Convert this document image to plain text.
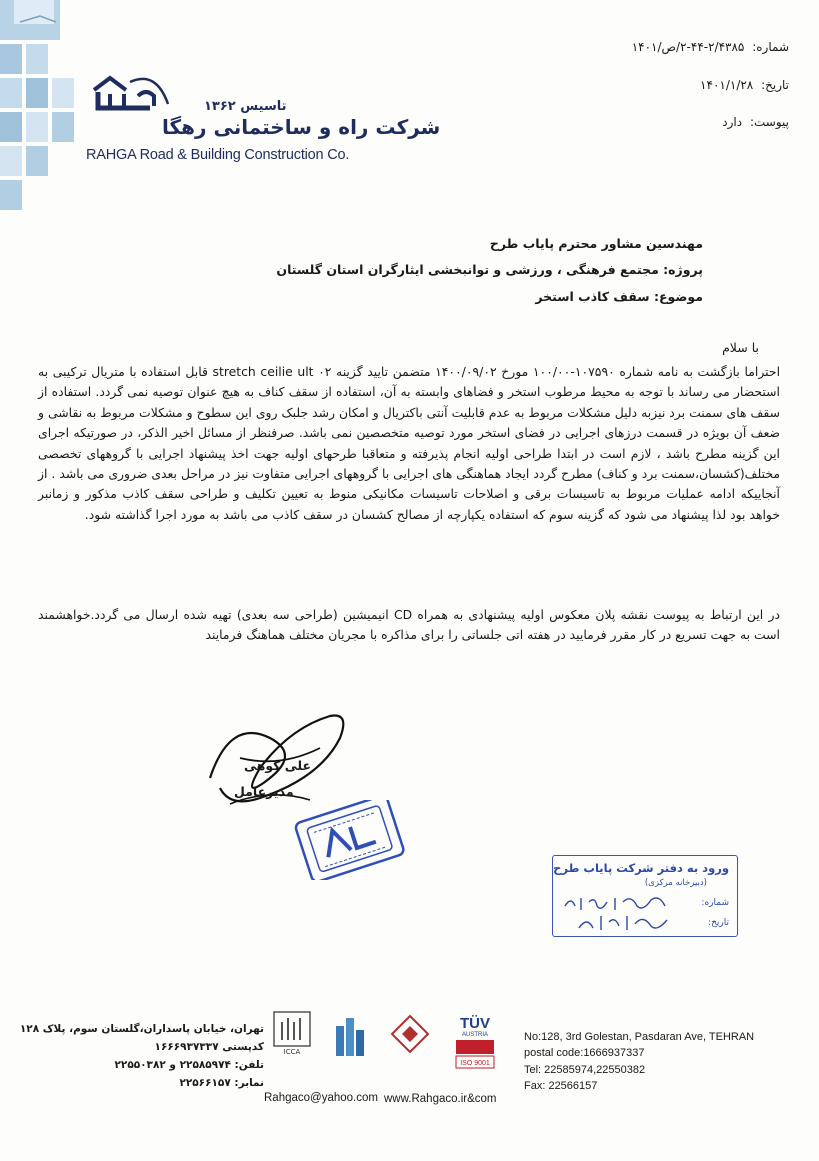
تاسیس ۱۳۶۲
شرکت راه و ساختمانی رهگا
RAHGA Road & Building Construction Co.
شماره: ۲/۴۳۸۵-۴۴-۲/ص/۱۴۰۱
تاریخ: ۱۴۰۱/۱/۲۸
پیوست: دارد
مهندسین مشاور محترم پایاب طرح
پروژه: مجتمع فرهنگی ، ورزشی و توانبخشی ایثارگران استان گلستان
موضوع: سقف کاذب استخر
با سلام
احتراما بازگشت به نامه شماره ۱۰۷۵۹۰-۱۰۰/۰۰ مورخ ۱۴۰۰/۰۹/۰۲ متضمن تایید گزینه ۰۲ stretch ceilie ult قابل استفاده با متریال ترکیبی به استحضار می رساند با توجه به محیط مرطوب استخر و فضاهای وابسته به آن، استفاده از سقف کناف به هیچ عنوان توصیه نمی گردد. استفاده از سقف های سمنت برد نیزبه دلیل مشکلات مربوط به عدم قابلیت آنتی باکتریال و امکان رشد جلبک روی این سطوح و مشکلات مربوط به نقاشی و ضعف آن بویژه در قسمت درزهای اجرایی در فضای استخر مورد توصیه متخصصین نمی باشد. صرفنظر از مسائل اخیر الذکر، در صورتیکه اجرای این گزینه مطرح باشد ، لازم است در ابتدا طراحی اولیه انجام پذیرفته و متعاقبا طرحهای اولیه جهت اخذ پیشنهاد اجرایی با گروههای تخصصی مختلف(کشسان،سمنت برد و کناف) مطرح گردد ایجاد هماهنگی های اجرایی با گروههای اجرایی متفاوت نیز در مراحل بعدی ضروری می باشد . از آنجاییکه ادامه عملیات مربوط به تاسیسات برقی و اصلاحات تاسیسات مکانیکی منوط به تعیین تکلیف و طراحی سقف کاذب مذکور و زمانبر خواهد بود لذا پیشنهاد می شود که گزینه سوم که استفاده یکپارچه از مصالح کشسان در سقف کاذب می باشد به مورد اجرا گذاشته شود.
در این ارتباط به پیوست نقشه پلان معکوس اولیه پیشنهادی به همراه CD انیمیشین (طراحی سه بعدی) تهیه شده ارسال می گردد.خواهشمند است به جهت تسریع در کار مقرر فرمایید در هفته اتی جلساتی را برای مذاکره با مجریان مختلف هماهنگ فرمایند
علی کوهی
مدیرعامل
ورود به دفتر شرکت پایاب طرح
(دبیرخانه مرکزی)
شماره:
تاریخ:
تهران، خیابان پاسداران،گلستان سوم، پلاک ۱۲۸
کدپستی ۱۶۶۶۹۳۷۳۳۷
تلفن: ۲۲۵۸۵۹۷۴ و ۲۲۵۵۰۳۸۲
نمابر: ۲۲۵۶۶۱۵۷
ICCA
TÜV
AUSTRIA
ISO 9001
Rahgaco@yahoo.com www.Rahgaco.ir&com
No:128, 3rd Golestan, Pasdaran Ave, TEHRAN
postal code:1666937337
Tel: 22585974,22550382
Fax: 22566157
